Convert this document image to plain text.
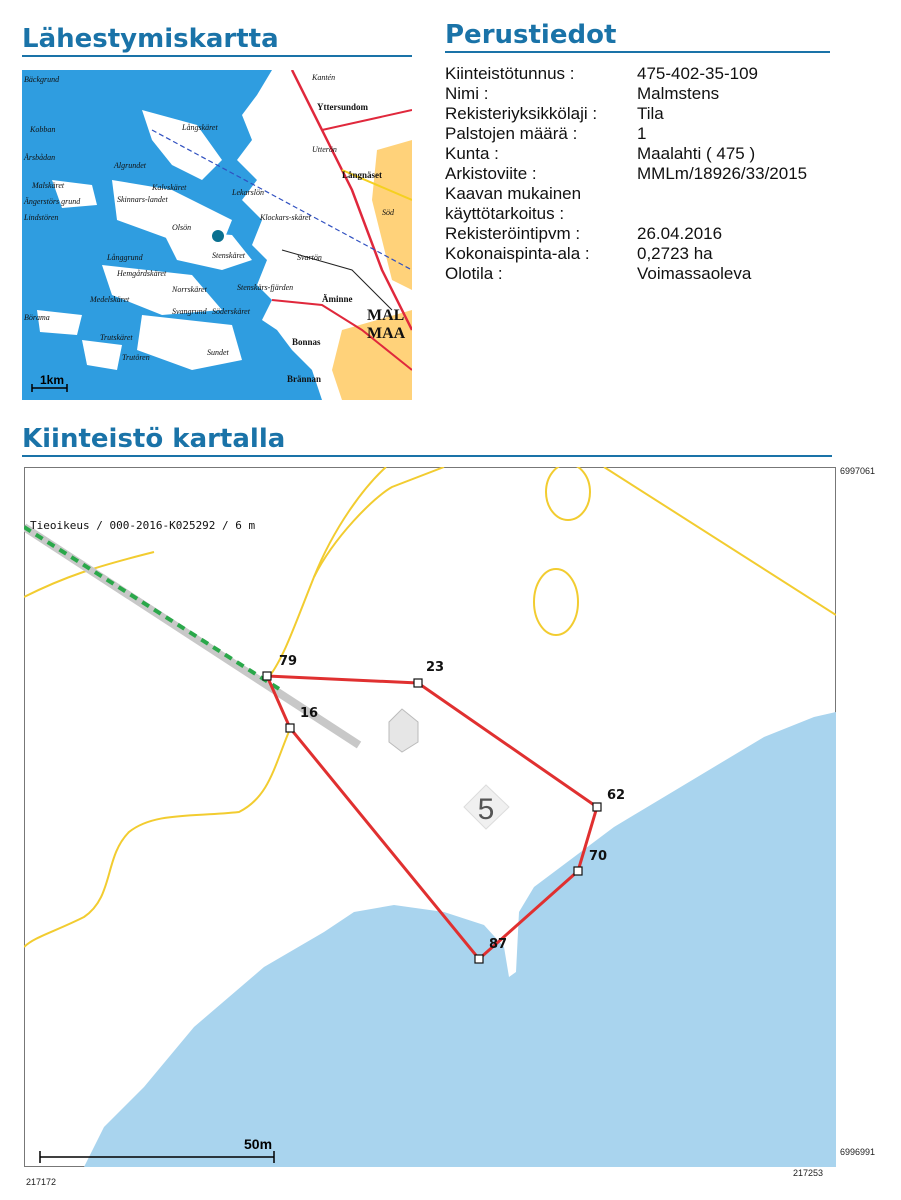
Lähestymiskartta	Perustiedot
Kiinteistö kartalla
1km
Bäckgrund
Kobban
Årsbådan
Malskäret
Ängerstörs grund
Lindstören
Algrundet
Kalvskäret
Skinnars-landet
Olsön
Långgrund
Hemgårdskäret
Långskäret
Lekarslön
Klockars-skäret
Stenskäret
Norrskäret	Stenskärs-fjärden
Medelskäret
Svangrund Söderskäret
Trutskäret
Kantén
Yttersundom
Utterön
Långnäset
Söd
Svartön
Äminne
MAL
MAA
Bonnas
Brännan
Trutören
Sundet
Börama
Kiinteistötunnus :	475-402-35-109
Nimi :	Malmstens
Rekisteriyksikkölaji : Tila
Palstojen määrä :	1
Kunta :	Maalahti ( 475 )
Arkistoviite :	MMLm/18926/33/2015
Kaavan mukainen käyttötarkoitus :
Rekisteröintipvm :	26.04.2016
Kokonaispinta-ala :	0,2723 ha
Olotila :	Voimassaoleva
Tieoikeus / 000-2016-K025292 / 6 m
5
79	23
62
70
87
16
50m
6997061
6996991
217172
217253
